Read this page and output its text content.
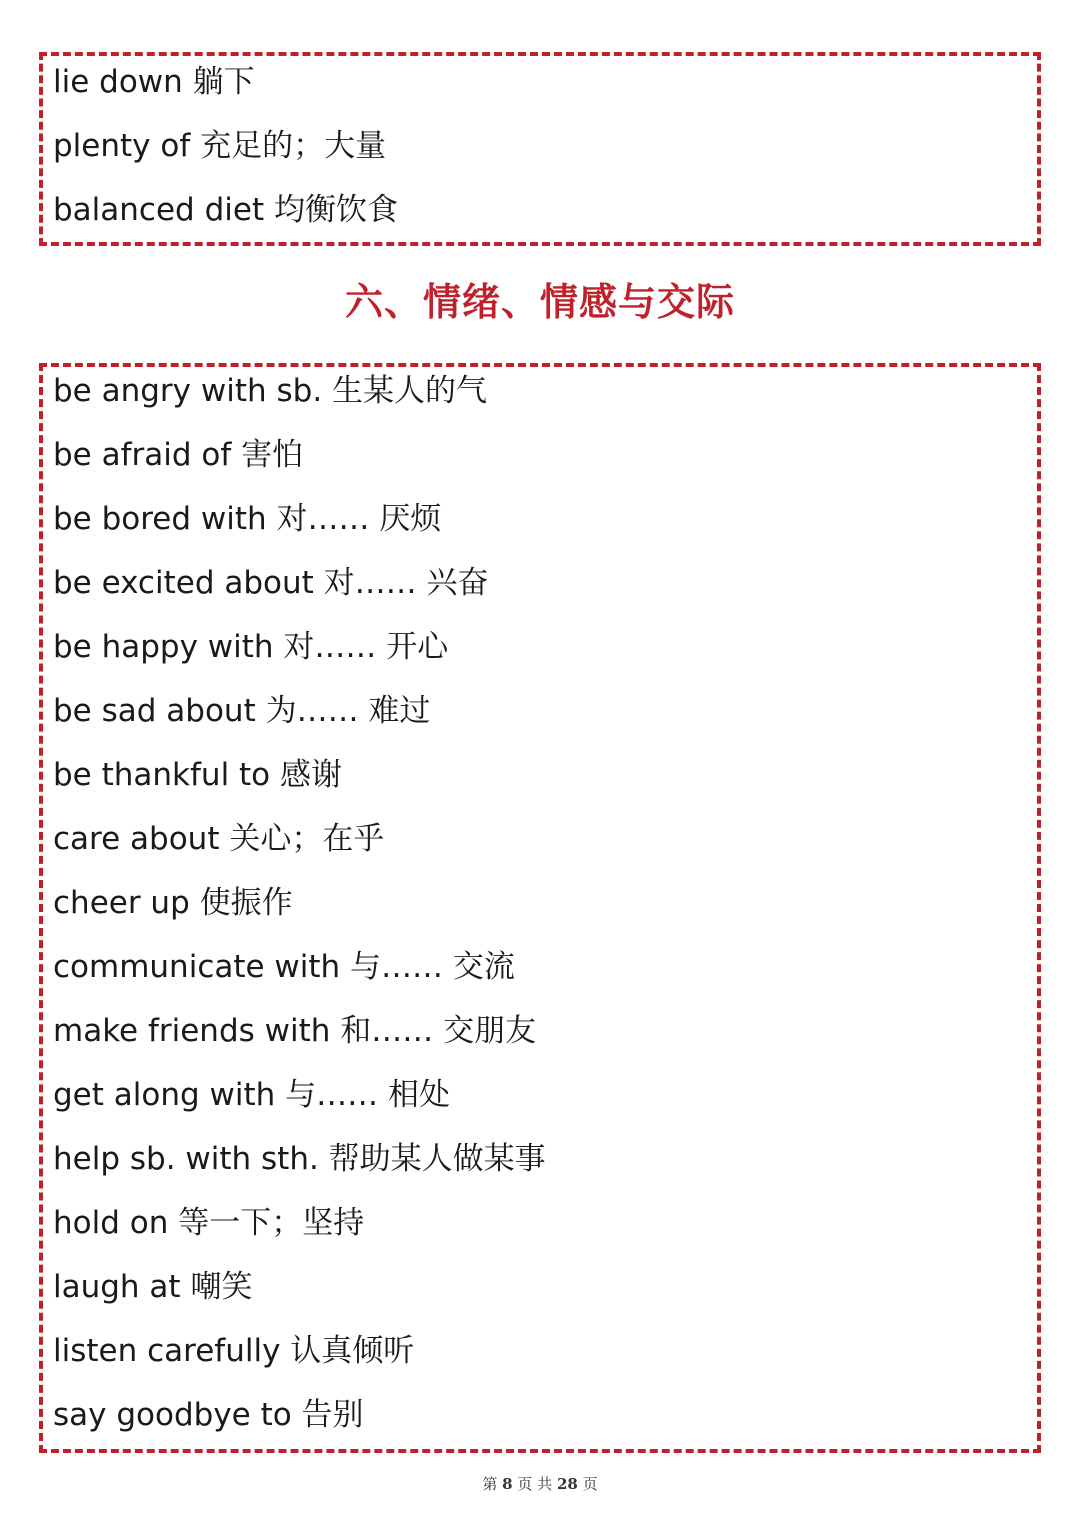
lie down 躺下

plenty of 充足的；大量

balanced diet 均衡饮食

六、情绪、情感与交际

be angry with sb. 生某人的气

be afraid of 害怕

be bored with 对…… 厌烦

be excited about 对…… 兴奋

be happy with 对…… 开心

be sad about 为…… 难过

be thankful to 感谢

care about 关心；在乎

cheer up 使振作

communicate with 与…… 交流

make friends with 和…… 交朋友

get along with 与…… 相处

help sb. with sth. 帮助某人做某事

hold on 等一下；坚持

laugh at 嘲笑

listen carefully 认真倾听

say goodbye to 告别

第 8 页 共 28 页
